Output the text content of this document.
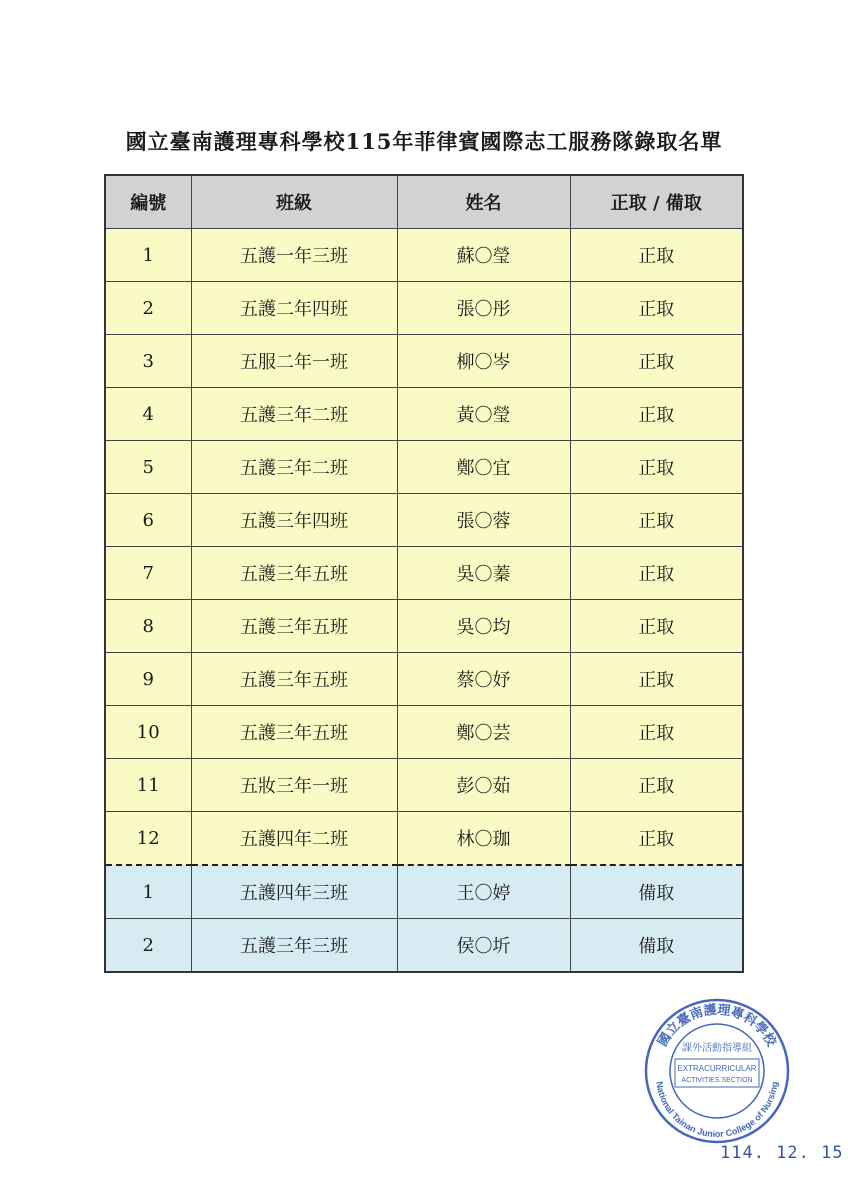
國立臺南護理專科學校115年菲律賓國際志工服務隊錄取名單
編號	班級	姓名	正取 / 備取
1	五護一年三班	蘇〇瑩	正取
2	五護二年四班	張〇彤	正取
3	五服二年一班	柳〇岑	正取
4	五護三年二班	黃〇瑩	正取
5	五護三年二班	鄭〇宜	正取
6	五護三年四班	張〇蓉	正取
7	五護三年五班	吳〇蓁	正取
8	五護三年五班	吳〇均	正取
9	五護三年五班	蔡〇妤	正取
10	五護三年五班	鄭〇芸	正取
11	五妝三年一班	彭〇茹	正取
12	五護四年二班	林〇珈	正取
1	五護四年三班	王〇婷	備取
2	五護三年三班	侯〇圻	備取
國立臺南護理專科學校
National Tainan Junior College of Nursing
課外活動指導組
EXTRACURRICULAR
ACTIVITIES SECTION
114. 12. 15
